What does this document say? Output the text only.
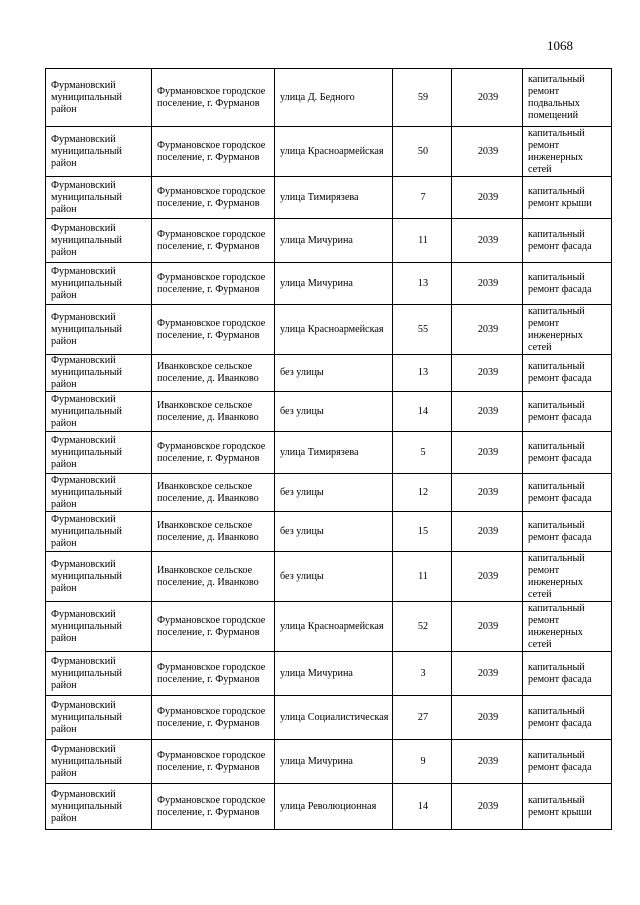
1068
Фурмановский муниципальный район	Фурмановское городское поселение, г. Фурманов	улица Д. Бедного	59	2039	капитальный ремонт подвальных помещений

Фурмановский муниципальный район	Фурмановское городское поселение, г. Фурманов	улица Красноармейская	50	2039	капитальный ремонт инженерных сетей

Фурмановский муниципальный район	Фурмановское городское поселение, г. Фурманов	улица Тимирязева	7	2039	капитальный ремонт крыши

Фурмановский муниципальный район	Фурмановское городское поселение, г. Фурманов	улица Мичурина	11	2039	капитальный ремонт фасада

Фурмановский муниципальный район	Фурмановское городское поселение, г. Фурманов	улица Мичурина	13	2039	капитальный ремонт фасада

Фурмановский муниципальный район	Фурмановское городское поселение, г. Фурманов	улица Красноармейская	55	2039	капитальный ремонт инженерных сетей

Фурмановский муниципальный район	Иванковское сельское поселение, д. Иванково	без улицы	13	2039	капитальный ремонт фасада

Фурмановский муниципальный район	Иванковское сельское поселение, д. Иванково	без улицы	14	2039	капитальный ремонт фасада

Фурмановский муниципальный район	Фурмановское городское поселение, г. Фурманов	улица Тимирязева	5	2039	капитальный ремонт фасада

Фурмановский муниципальный район	Иванковское сельское поселение, д. Иванково	без улицы	12	2039	капитальный ремонт фасада

Фурмановский муниципальный район	Иванковское сельское поселение, д. Иванково	без улицы	15	2039	капитальный ремонт фасада

Фурмановский муниципальный район	Иванковское сельское поселение, д. Иванково	без улицы	11	2039	капитальный ремонт инженерных сетей

Фурмановский муниципальный район	Фурмановское городское поселение, г. Фурманов	улица Красноармейская	52	2039	капитальный ремонт инженерных сетей

Фурмановский муниципальный район	Фурмановское городское поселение, г. Фурманов	улица Мичурина	3	2039	капитальный ремонт фасада

Фурмановский муниципальный район	Фурмановское городское поселение, г. Фурманов	улица Социалистическая	27	2039	капитальный ремонт фасада

Фурмановский муниципальный район	Фурмановское городское поселение, г. Фурманов	улица Мичурина	9	2039	капитальный ремонт фасада

Фурмановский муниципальный район	Фурмановское городское поселение, г. Фурманов	улица Революционная	14	2039	капитальный ремонт крыши
